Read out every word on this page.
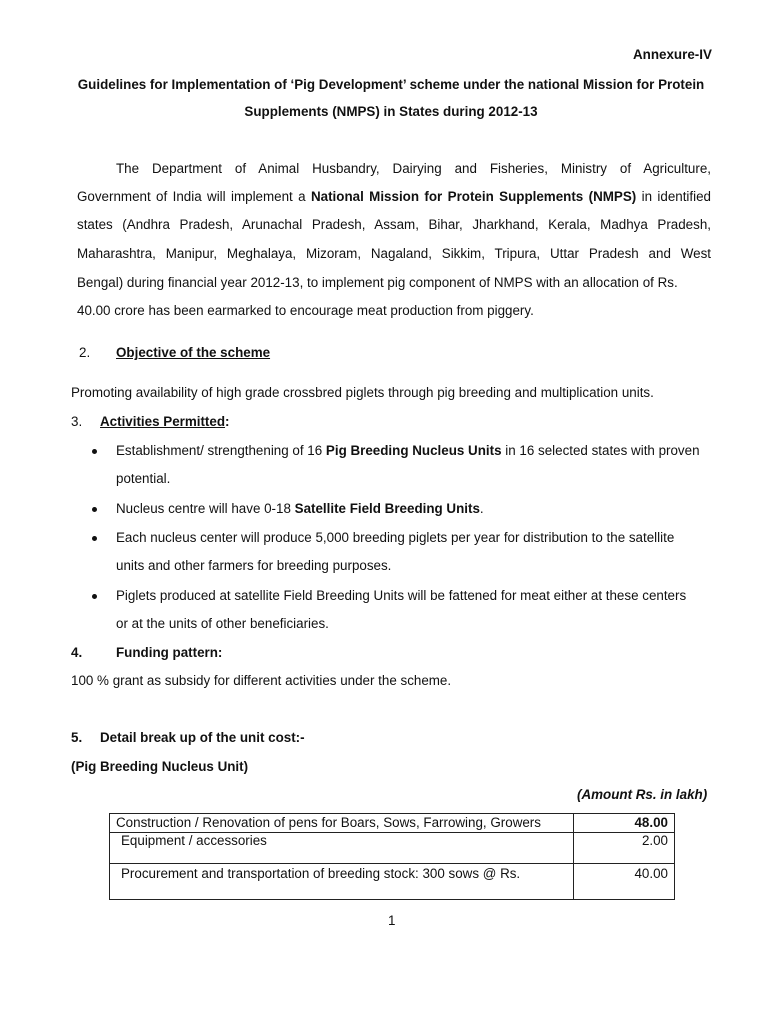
Annexure-IV
Guidelines for Implementation of ‘Pig Development’ scheme under the national Mission for Protein
Supplements (NMPS) in States during 2012-13
The Department of Animal Husbandry, Dairying and Fisheries, Ministry of Agriculture,
Government of India will implement a National Mission for Protein Supplements (NMPS) in identified
states (Andhra Pradesh, Arunachal Pradesh, Assam, Bihar, Jharkhand, Kerala, Madhya Pradesh,
Maharashtra, Manipur, Meghalaya, Mizoram, Nagaland, Sikkim, Tripura, Uttar Pradesh and West
Bengal) during financial year 2012-13, to implement pig component of NMPS with an allocation of Rs.
40.00 crore has been earmarked to encourage meat production from piggery.
2. Objective of the scheme
Promoting availability of high grade crossbred piglets through pig breeding and multiplication units.
3. Activities Permitted:
Establishment/ strengthening of 16 Pig Breeding Nucleus Units in 16 selected states with proven
potential.
Nucleus centre will have 0-18 Satellite Field Breeding Units.
Each nucleus center will produce 5,000 breeding piglets per year for distribution to the satellite
units and other farmers for breeding purposes.
Piglets produced at satellite Field Breeding Units will be fattened for meat either at these centers
or at the units of other beneficiaries.
4.	Funding pattern:
100 % grant as subsidy for different activities under the scheme.
5. Detail break up of the unit cost:-
(Pig Breeding Nucleus Unit)
(Amount Rs. in lakh)
Construction / Renovation of pens for Boars, Sows, Farrowing, Growers	48.00
Equipment / accessories	2.00
Procurement and transportation of breeding stock: 300 sows @ Rs.	40.00
1
